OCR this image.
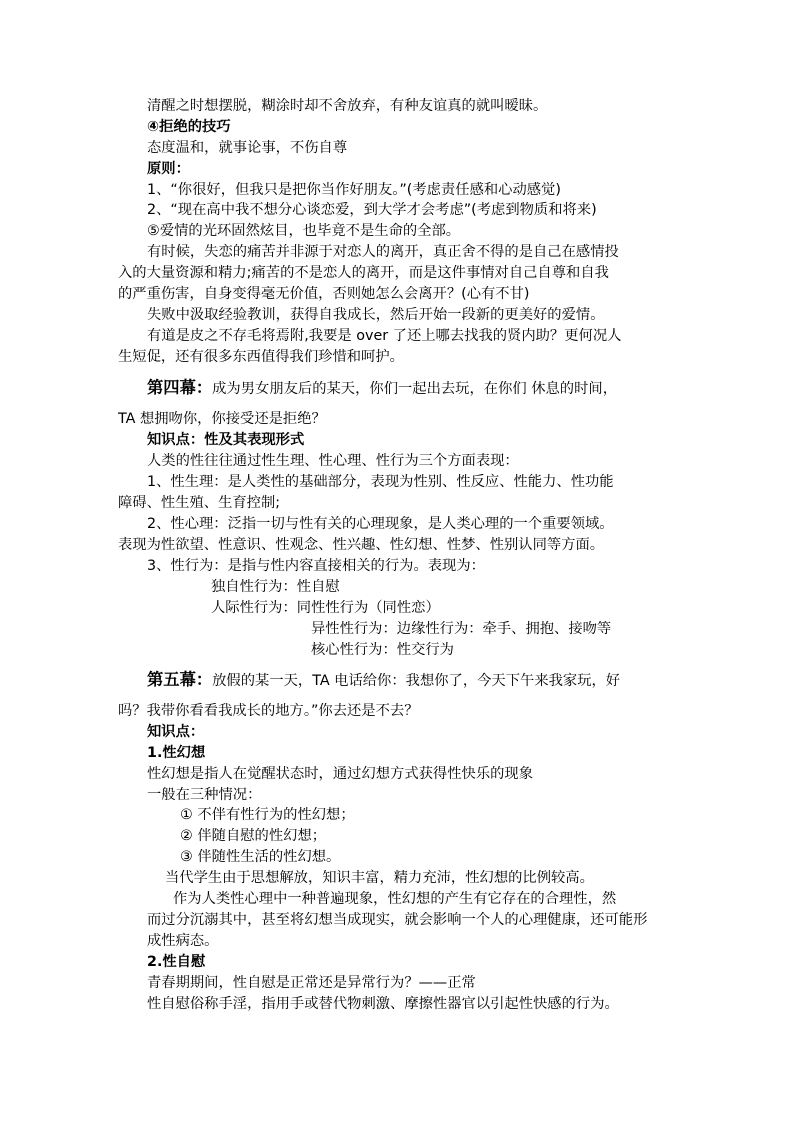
清醒之时想摆脱，糊涂时却不舍放弃，有种友谊真的就叫暧昧。
④拒绝的技巧
态度温和，就事论事，不伤自尊
原则：
1、“你很好，但我只是把你当作好朋友。”(考虑责任感和心动感觉)
2、“现在高中我不想分心谈恋爱，到大学才会考虑”(考虑到物质和将来)
⑤爱情的光环固然炫目，也毕竟不是生命的全部。
有时候，失恋的痛苦并非源于对恋人的离开，真正舍不得的是自己在感情投
入的大量资源和精力;痛苦的不是恋人的离开，而是这件事情对自己自尊和自我
的严重伤害，自身变得毫无价值，否则她怎么会离开？(心有不甘)
失败中汲取经验教训，获得自我成长，然后开始一段新的更美好的爱情。
有道是皮之不存毛将焉附,我要是 over 了还上哪去找我的贤内助？更何况人
生短促，还有很多东西值得我们珍惜和呵护。
第四幕：成为男女朋友后的某天，你们一起出去玩，在你们 休息的时间，
TA 想拥吻你，你接受还是拒绝？
知识点：性及其表现形式
人类的性往往通过性生理、性心理、性行为三个方面表现：
1、性生理：是人类性的基础部分，表现为性别、性反应、性能力、性功能
障碍、性生殖、生育控制;
2、性心理：泛指一切与性有关的心理现象，是人类心理的一个重要领域。
表现为性欲望、性意识、性观念、性兴趣、性幻想、性梦、性别认同等方面。
3、性行为：是指与性内容直接相关的行为。表现为：
独自性行为：性自慰
人际性行为：同性性行为（同性恋）
异性性行为：边缘性行为：牵手、拥抱、接吻等
核心性行为：性交行为
第五幕：放假的某一天，TA 电话给你：我想你了，今天下午来我家玩，好
吗？我带你看看我成长的地方。”你去还是不去？
知识点：
1.性幻想
性幻想是指人在觉醒状态时，通过幻想方式获得性快乐的现象
一般在三种情况：
① 不伴有性行为的性幻想；
② 伴随自慰的性幻想；
③ 伴随性生活的性幻想。
当代学生由于思想解放，知识丰富，精力充沛，性幻想的比例较高。
作为人类性心理中一种普遍现象，性幻想的产生有它存在的合理性，然
而过分沉溺其中，甚至将幻想当成现实，就会影响一个人的心理健康，还可能形
成性病态。
2.性自慰
青春期期间，性自慰是正常还是异常行为？——正常
性自慰俗称手淫，指用手或替代物刺激、摩擦性器官以引起性快感的行为。
